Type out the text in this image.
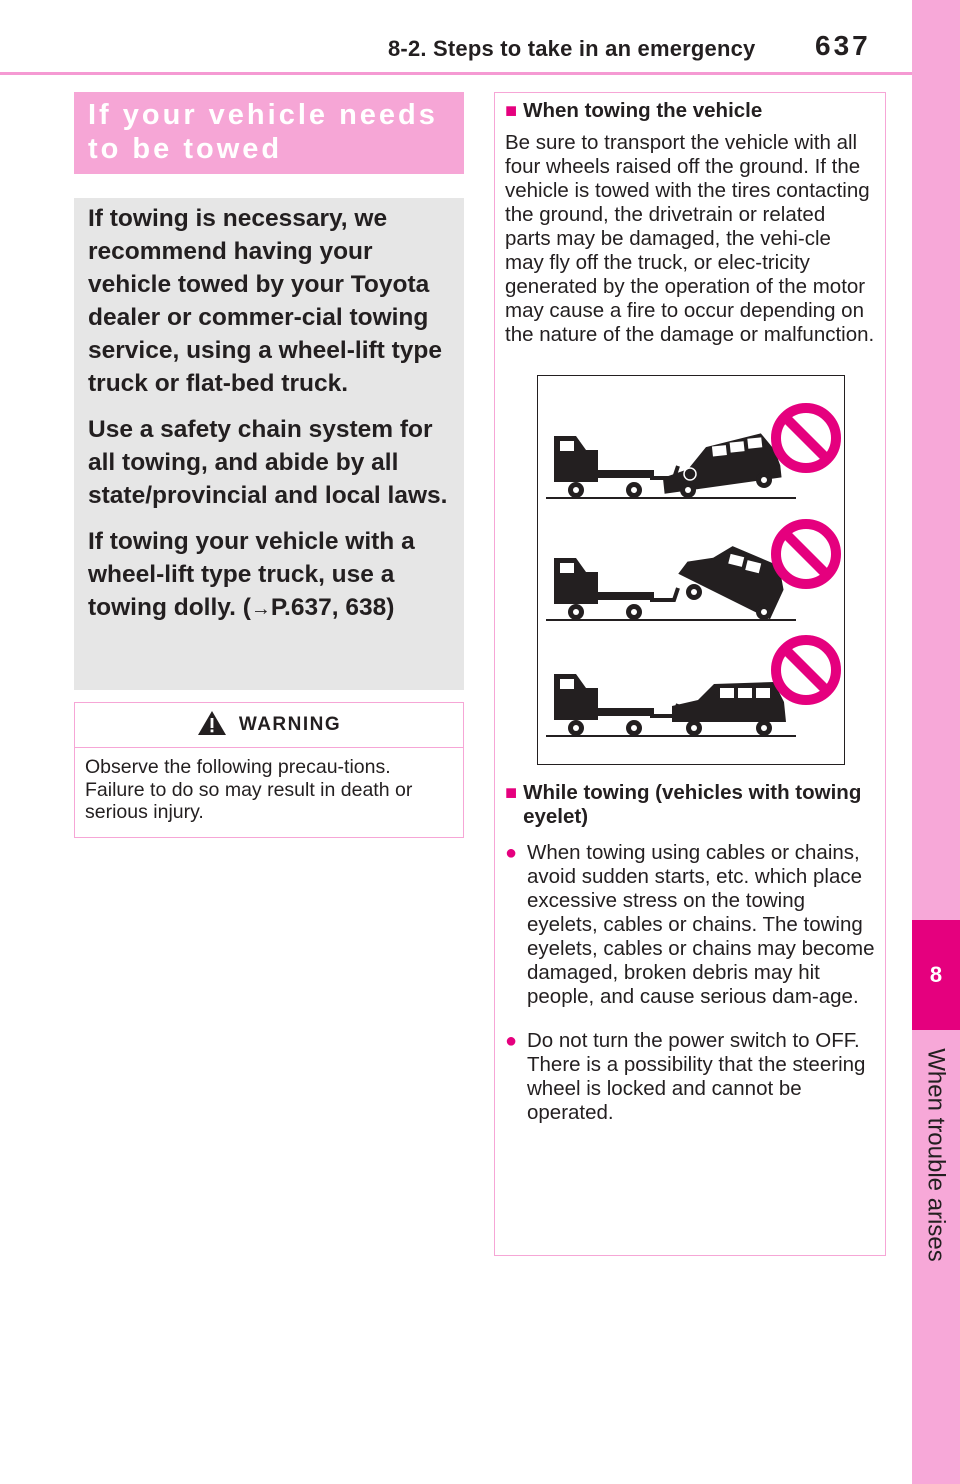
8-2. Steps to take in an emergency 637
8
When trouble arises
If your vehicle needs
to be towed

If towing is necessary, we recommend having your vehicle towed by your Toyota dealer or commer-cial towing service, using a wheel-lift type truck or flat-bed truck.

Use a safety chain system for all towing, and abide by all state/provincial and local laws.

If towing your vehicle with a wheel-lift type truck, use a towing dolly. (→P.637, 638)

WARNING
Observe the following precau-tions. Failure to do so may result in death or serious injury.
■ When towing the vehicle
Be sure to transport the vehicle with all four wheels raised off the ground. If the vehicle is towed with the tires contacting the ground, the drivetrain or related parts may be damaged, the vehi-cle may fly off the truck, or elec-tricity generated by the operation of the motor may cause a fire to occur depending on the nature of the damage or malfunction.
■ While towing (vehicles with towing eyelet)
● When towing using cables or chains, avoid sudden starts, etc. which place excessive stress on the towing eyelets, cables or chains. The towing eyelets, cables or chains may become damaged, broken debris may hit people, and cause serious dam-age.
● Do not turn the power switch to OFF.
There is a possibility that the steering wheel is locked and cannot be operated.
